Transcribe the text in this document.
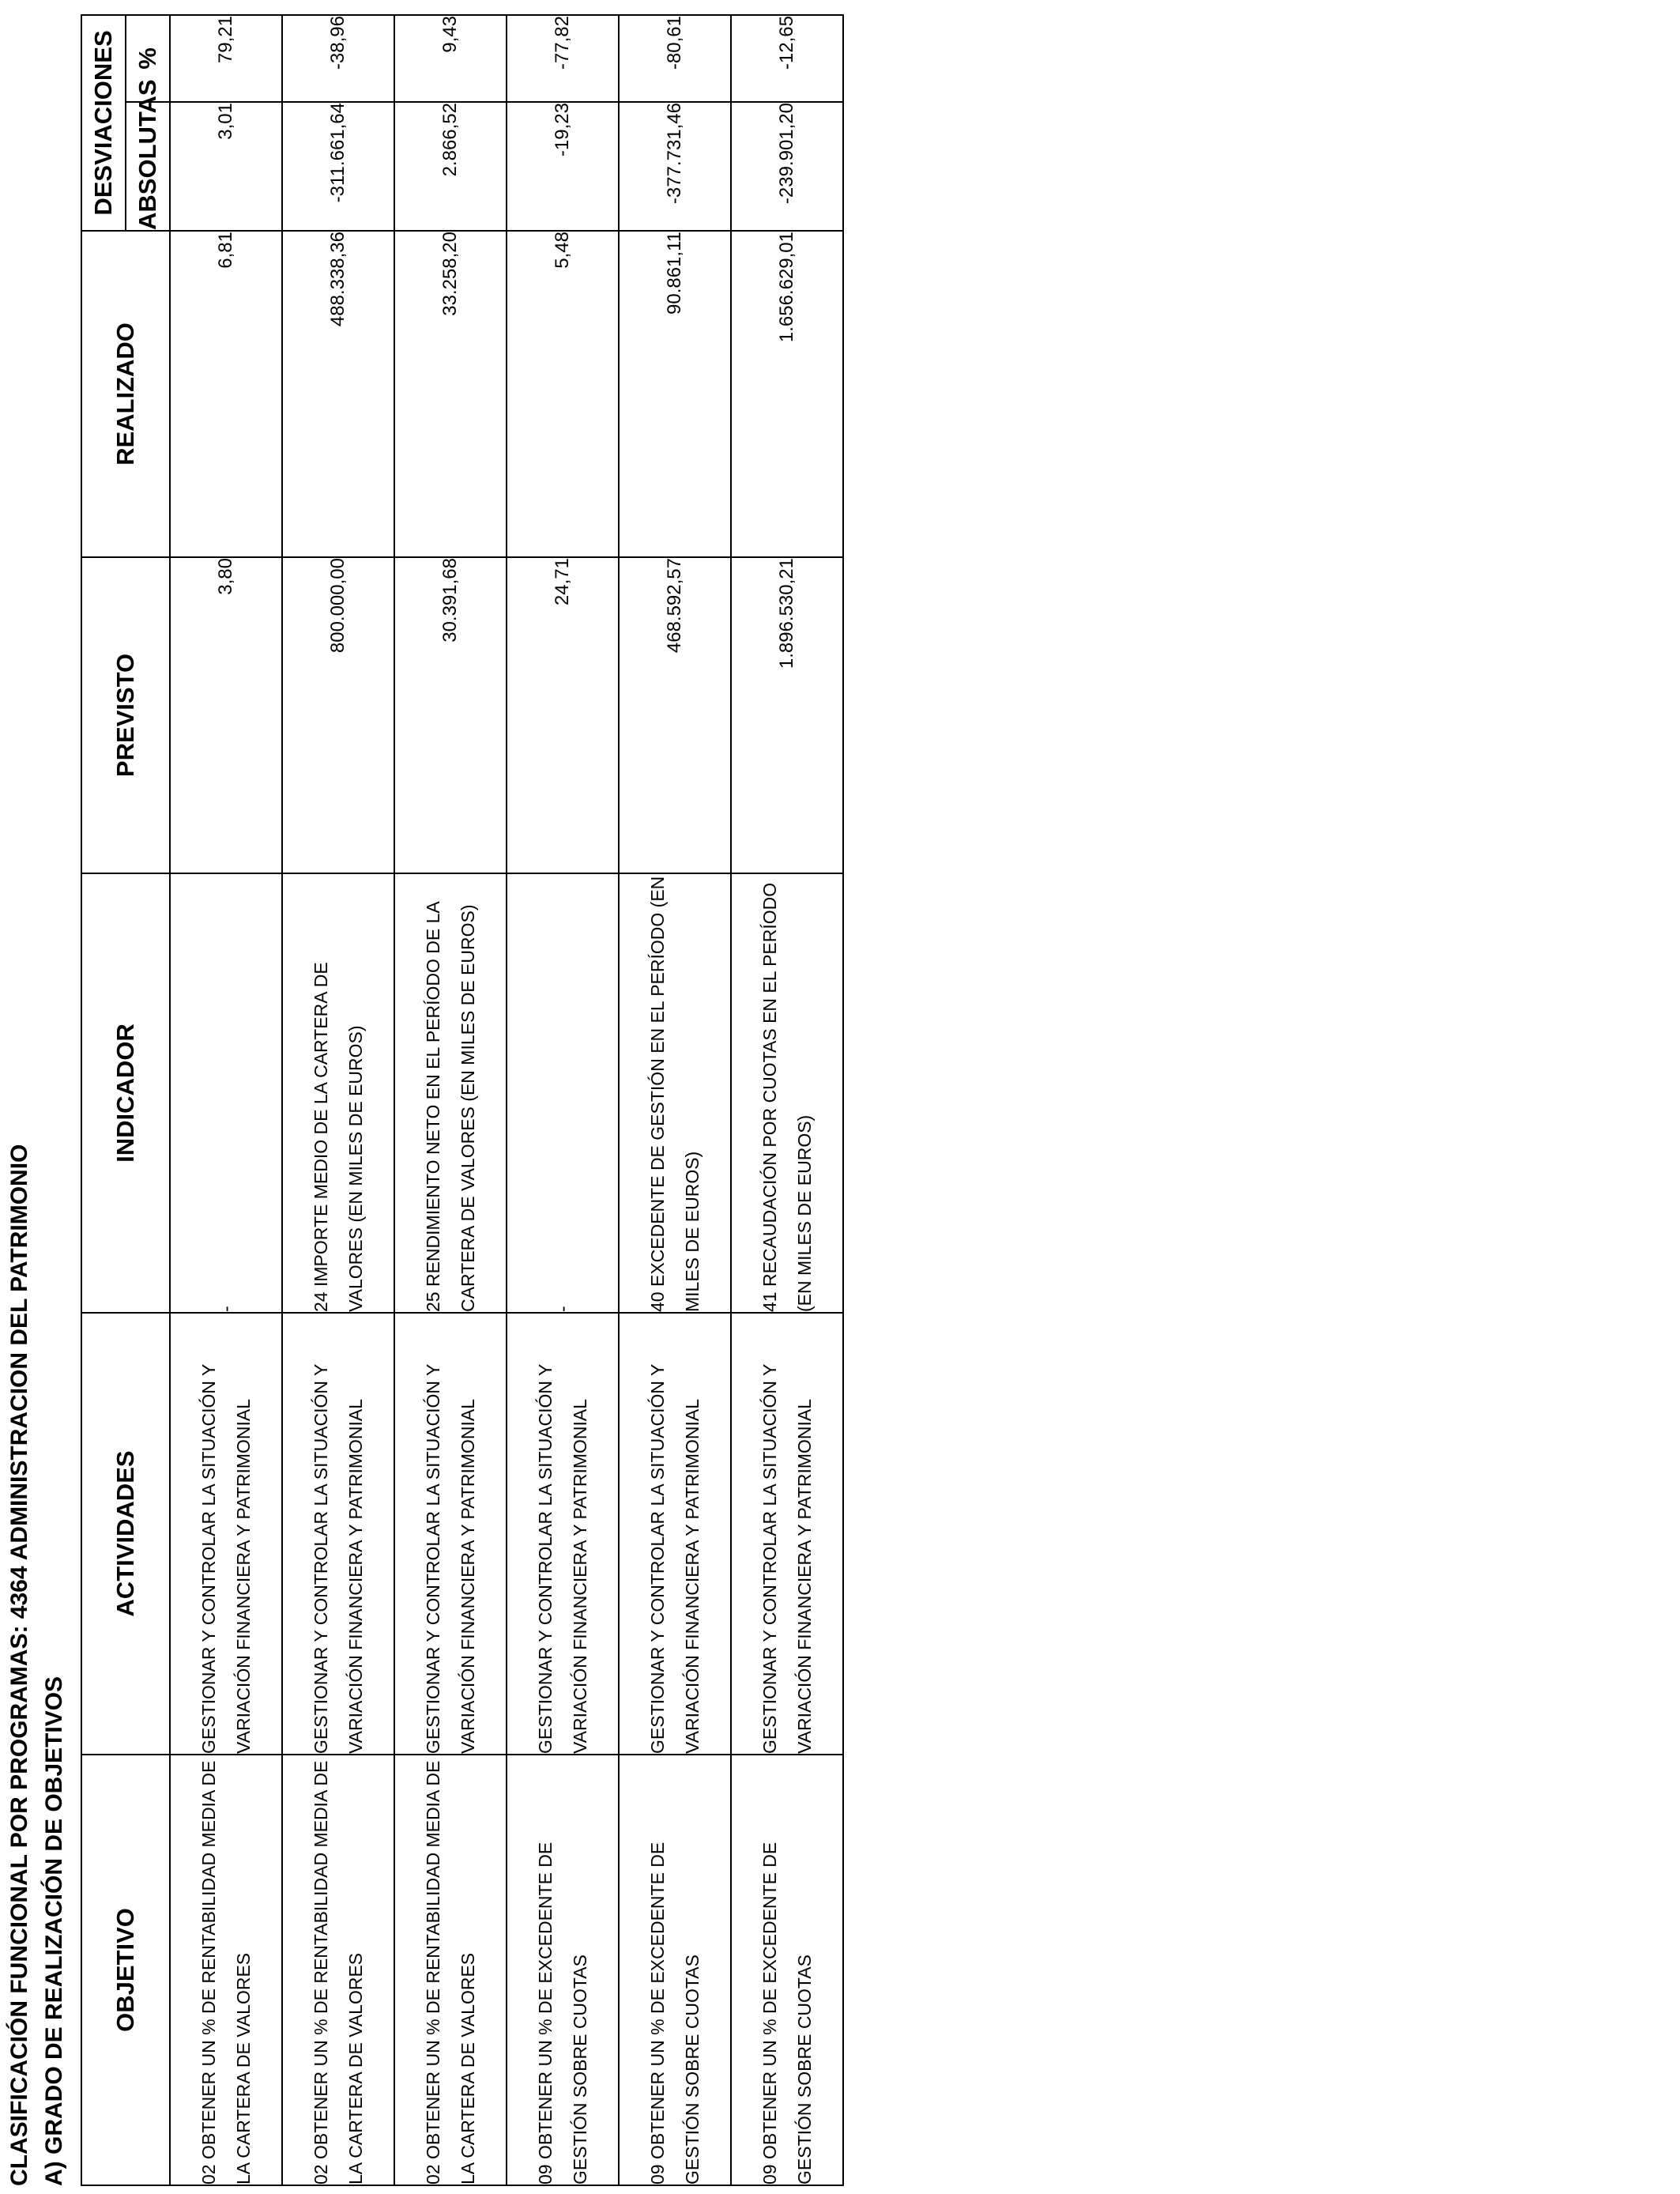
CLASIFICACIÓN FUNCIONAL POR PROGRAMAS: 4364 ADMINISTRACION DEL PATRIMONIO A) GRADO DE REALIZACIÓN DE OBJETIVOS OBJETIVO	ACTIVIDADES	INDICADOR	PREVISTO	REALIZADO	DESVIACIONES	
					ABSOLUTAS	%
02 OBTENER UN % DE RENTABILIDAD MEDIA DE LA CARTERA DE VALORES	GESTIONAR Y CONTROLAR LA SITUACIÓN Y VARIACIÓN FINANCIERA Y PATRIMONIAL	-	3,80	6,81	3,01	79,21
02 OBTENER UN % DE RENTABILIDAD MEDIA DE LA CARTERA DE VALORES	GESTIONAR Y CONTROLAR LA SITUACIÓN Y VARIACIÓN FINANCIERA Y PATRIMONIAL	24 IMPORTE MEDIO DE LA CARTERA DE VALORES (EN MILES DE EUROS)	800.000,00	488.338,36	-311.661,64	-38,96
02 OBTENER UN % DE RENTABILIDAD MEDIA DE LA CARTERA DE VALORES	GESTIONAR Y CONTROLAR LA SITUACIÓN Y VARIACIÓN FINANCIERA Y PATRIMONIAL	25 RENDIMIENTO NETO EN EL PERÍODO DE LA CARTERA DE VALORES (EN MILES DE EUROS)	30.391,68	33.258,20	2.866,52	9,43
09 OBTENER UN % DE EXCEDENTE DE GESTIÓN SOBRE CUOTAS	GESTIONAR Y CONTROLAR LA SITUACIÓN Y VARIACIÓN FINANCIERA Y PATRIMONIAL	-	24,71	5,48	-19,23	-77,82
09 OBTENER UN % DE EXCEDENTE DE GESTIÓN SOBRE CUOTAS	GESTIONAR Y CONTROLAR LA SITUACIÓN Y VARIACIÓN FINANCIERA Y PATRIMONIAL	40 EXCEDENTE DE GESTIÓN EN EL PERÍODO (EN MILES DE EUROS)	468.592,57	90.861,11	-377.731,46	-80,61
09 OBTENER UN % DE EXCEDENTE DE GESTIÓN SOBRE CUOTAS	GESTIONAR Y CONTROLAR LA SITUACIÓN Y VARIACIÓN FINANCIERA Y PATRIMONIAL	41 RECAUDACIÓN POR CUOTAS EN EL PERÍODO (EN MILES DE EUROS)	1.896.530,21	1.656.629,01	-239.901,20	-12,65
